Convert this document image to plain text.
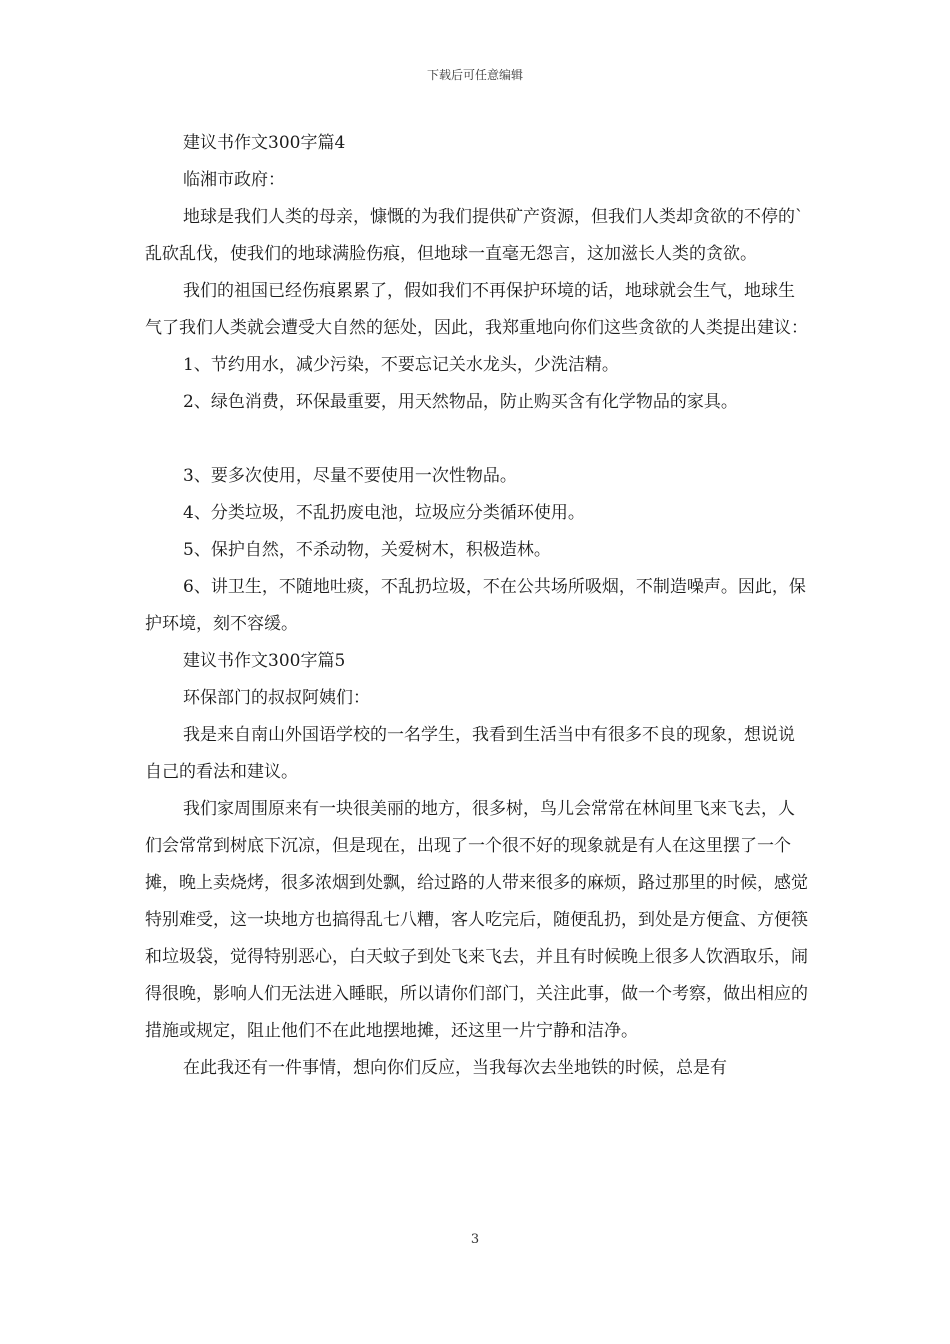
下载后可任意编辑

建议书作文300字篇4

临湘市政府：

地球是我们人类的母亲，慷慨的为我们提供矿产资源，但我们人类却贪欲的不停的`乱砍乱伐，使我们的地球满脸伤痕，但地球一直毫无怨言，这加滋长人类的贪欲。

我们的祖国已经伤痕累累了，假如我们不再保护环境的话，地球就会生气，地球生气了我们人类就会遭受大自然的惩处，因此，我郑重地向你们这些贪欲的人类提出建议：

1、节约用水，减少污染，不要忘记关水龙头，少洗洁精。

2、绿色消费，环保最重要，用天然物品，防止购买含有化学物品的家具。

3、要多次使用，尽量不要使用一次性物品。

4、分类垃圾，不乱扔废电池，垃圾应分类循环使用。

5、保护自然，不杀动物，关爱树木，积极造林。

6、讲卫生，不随地吐痰，不乱扔垃圾，不在公共场所吸烟，不制造噪声。因此，保护环境，刻不容缓。

建议书作文300字篇5

环保部门的叔叔阿姨们：

我是来自南山外国语学校的一名学生，我看到生活当中有很多不良的现象，想说说自己的看法和建议。

我们家周围原来有一块很美丽的地方，很多树，鸟儿会常常在林间里飞来飞去，人们会常常到树底下沉凉，但是现在，出现了一个很不好的现象就是有人在这里摆了一个摊，晚上卖烧烤，很多浓烟到处飘，给过路的人带来很多的麻烦，路过那里的时候，感觉特别难受，这一块地方也搞得乱七八糟，客人吃完后，随便乱扔，到处是方便盒、方便筷和垃圾袋，觉得特别恶心，白天蚊子到处飞来飞去，并且有时候晚上很多人饮酒取乐，闹得很晚，影响人们无法进入睡眠，所以请你们部门，关注此事，做一个考察，做出相应的措施或规定，阻止他们不在此地摆地摊，还这里一片宁静和洁净。

在此我还有一件事情，想向你们反应，当我每次去坐地铁的时候，总是有

3
